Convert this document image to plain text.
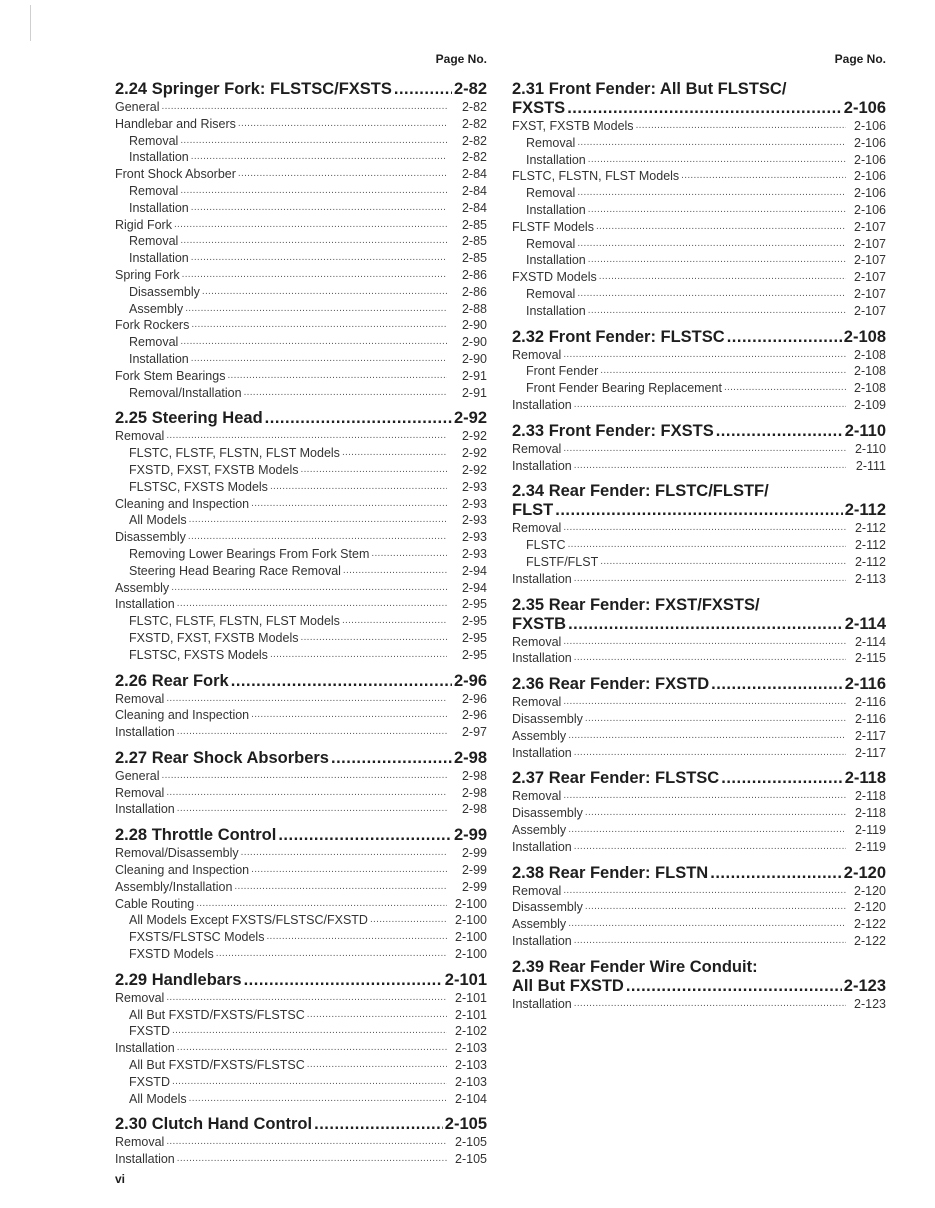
Page No.
2.24 Springer Fork: FLSTSC/FXSTS .....	2-82
General .....	2-82
Handlebar and Risers .....	2-82
Removal .....	2-82
Installation .....	2-82
Front Shock Absorber .....	2-84
Removal .....	2-84
Installation .....	2-84
Rigid Fork .....	2-85
Removal .....	2-85
Installation .....	2-85
Spring Fork .....	2-86
Disassembly .....	2-86
Assembly .....	2-88
Fork Rockers .....	2-90
Removal .....	2-90
Installation .....	2-90
Fork Stem Bearings .....	2-91
Removal/Installation .....	2-91
2.25 Steering Head .....	2-92
Removal .....	2-92
FLSTC, FLSTF, FLSTN, FLST Models .....	2-92
FXSTD, FXST, FXSTB Models .....	2-92
FLSTSC, FXSTS Models .....	2-93
Cleaning and Inspection .....	2-93
All Models .....	2-93
Disassembly .....	2-93
Removing Lower Bearings From Fork Stem .....	2-93
Steering Head Bearing Race Removal .....	2-94
Assembly .....	2-94
Installation .....	2-95
FLSTC, FLSTF, FLSTN, FLST Models .....	2-95
FXSTD, FXST, FXSTB Models .....	2-95
FLSTSC, FXSTS Models .....	2-95
2.26 Rear Fork .....	2-96
Removal .....	2-96
Cleaning and Inspection .....	2-96
Installation .....	2-97
2.27 Rear Shock Absorbers .....	2-98
General .....	2-98
Removal .....	2-98
Installation .....	2-98
2.28 Throttle Control .....	2-99
Removal/Disassembly .....	2-99
Cleaning and Inspection .....	2-99
Assembly/Installation .....	2-99
Cable Routing .....	2-100
All Models Except FXSTS/FLSTSC/FXSTD .....	2-100
FXSTS/FLSTSC Models .....	2-100
FXSTD Models .....	2-100
2.29 Handlebars .....	2-101
Removal .....	2-101
All But FXSTD/FXSTS/FLSTSC .....	2-101
FXSTD .....	2-102
Installation .....	2-103
All But FXSTD/FXSTS/FLSTSC .....	2-103
FXSTD .....	2-103
All Models .....	2-104
2.30 Clutch Hand Control .....	2-105
Removal .....	2-105
Installation .....	2-105
Page No.
2.31 Front Fender: All But FLSTSC/
FXSTS .....	2-106
FXST, FXSTB Models .....	2-106
Removal .....	2-106
Installation .....	2-106
FLSTC, FLSTN, FLST Models .....	2-106
Removal .....	2-106
Installation .....	2-106
FLSTF Models .....	2-107
Removal .....	2-107
Installation .....	2-107
FXSTD Models .....	2-107
Removal .....	2-107
Installation .....	2-107
2.32 Front Fender: FLSTSC .....	2-108
Removal .....	2-108
Front Fender .....	2-108
Front Fender Bearing Replacement .....	2-108
Installation .....	2-109
2.33 Front Fender: FXSTS .....	2-110
Removal .....	2-110
Installation .....	2-111
2.34 Rear Fender: FLSTC/FLSTF/
FLST .....	2-112
Removal .....	2-112
FLSTC .....	2-112
FLSTF/FLST .....	2-112
Installation .....	2-113
2.35 Rear Fender: FXST/FXSTS/
FXSTB .....	2-114
Removal .....	2-114
Installation .....	2-115
2.36 Rear Fender: FXSTD .....	2-116
Removal .....	2-116
Disassembly .....	2-116
Assembly .....	2-117
Installation .....	2-117
2.37 Rear Fender: FLSTSC .....	2-118
Removal .....	2-118
Disassembly .....	2-118
Assembly .....	2-119
Installation .....	2-119
2.38 Rear Fender: FLSTN .....	2-120
Removal .....	2-120
Disassembly .....	2-120
Assembly .....	2-122
Installation .....	2-122
2.39 Rear Fender Wire Conduit:
All But FXSTD .....	2-123
Installation .....	2-123
vi
